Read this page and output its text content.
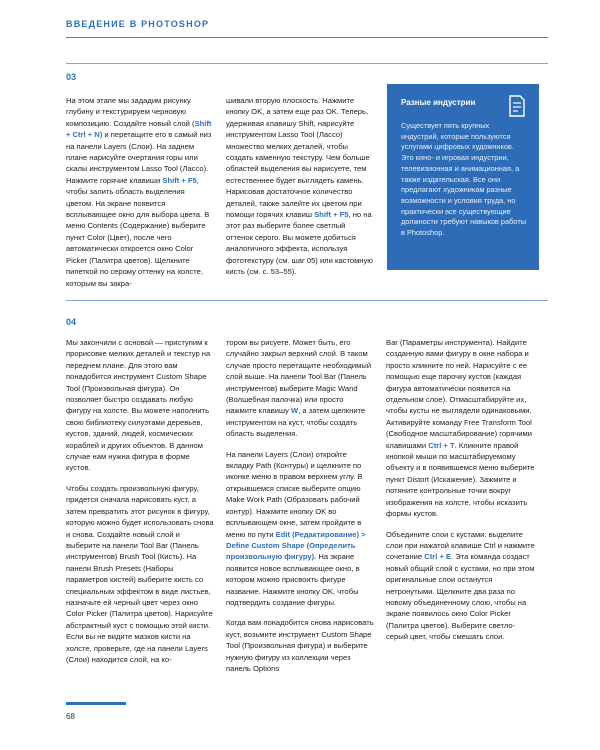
ВВЕДЕНИЕ В PHOTOSHOP
03

На этом этапе мы зададим рисунку глубину и текстурируем черновую композицию. Создайте новый слой (Shift + Ctrl + N) и перетащите его в самый низ на панели Layers (Слои). На заднем плане нарисуйте очертания горы или скалы инструментом Lasso Tool (Лассо). Нажмите горячие клавиши Shift + F5, чтобы залить область выделения цветом. На экране появится всплывающее окно для выбора цвета. В меню Contents (Содержание) выберите пункт Color (Цвет), после чего автоматически откроется окно Color Picker (Палитра цветов). Щелкните пипеткой по серому оттенку на холсте, которым вы закра-

шивали вторую плоскость. Нажмите кнопку OK, а затем еще раз OK. Теперь, удерживая клавишу Shift, нарисуйте инструментом Lasso Tool (Лассо) множество мелких деталей, чтобы создать каменную текстуру. Чем больше областей выделения вы нарисуете, тем естественнее будет выглядеть камень. Нарисовав достаточное количество деталей, также залейте их цветом при помощи горячих клавиш Shift + F5, но на этот раз выберите более светлый оттенок серого. Вы можете добиться аналогичного эффекта, используя фототекстуру (см. шаг 05) или кастомную кисть (см. с. 53–55).

Разные индустрии
Существует пять крупных индустрий, которые пользуются услугами цифровых художников. Это кино- и игровая индустрии, телевизионная и анимационная, а также издательская. Все они предлагают художникам разные возможности и условия труда, но практически все существующие должности требуют навыков работы в Photoshop.
04

Мы закончили с основой — приступим к прорисовке мелких деталей и текстур на переднем плане. Для этого вам понадобится инструмент Custom Shape Tool (Произвольная фигура). Он позволяет быстро создавать любую фигуру на холсте. Вы можете наполнить свою библиотеку силуэтами деревьев, кустов, зданий, людей, космических кораблей и других объектов. В данном случае нам нужна фигура в форме кустов.

Чтобы создать произвольную фигуру, придется сначала нарисовать куст, а затем превратить этот рисунок в фигуру, которую можно будет использовать снова и снова. Создайте новый слой и выберите на панели Tool Bar (Панель инструментов) Brush Tool (Кисть). На панели Brush Presets (Наборы параметров кистей) выберите кисть со специальным эффектом в виде листьев, назначьте ей черный цвет через окно Color Picker (Палитра цветов). Нарисуйте абстрактный куст с помощью этой кисти. Если вы не видите мазков кисти на холсте, проверьте, где на панели Layers (Слои) находится слой, на ко-

тором вы рисуете. Может быть, его случайно закрыл верхний слой. В таком случае просто перетащите необходимый слой выше. На панели Tool Bar (Панель инструментов) выберите Magic Wand (Волшебная палочка) или просто нажмите клавишу W, а затем щелкните инструментом на куст, чтобы создать область выделения.

На панели Layers (Слои) откройте вкладку Path (Контуры) и щелкните по иконке меню в правом верхнем углу. В открывшемся списке выберите опцию Make Work Path (Образовать рабочий контур). Нажмите кнопку OK во всплывающем окне, затем пройдите в меню по пути Edit (Редактирование) > Define Custom Shape (Определить произвольную фигуру). На экране появится новое всплывающее окно, в котором можно присвоить фигуре название. Нажмите кнопку OK, чтобы подтвердить создание фигуры.

Когда вам понадобится снова нарисовать куст, возьмите инструмент Custom Shape Tool (Произвольная фигура) и выберите нужную фигуру из коллекции через панель Options

Bar (Параметры инструмента). Найдите созданную вами фигуру в окне набора и просто кликните по ней. Нарисуйте с ее помощью еще парочку кустов (каждая фигура автоматически появится на отдельном слое). Отмасштабируйте их, чтобы кусты не выглядели одинаковыми. Активируйте команду Free Transform Tool (Свободное масштабирование) горячими клавишами Ctrl + T. Кликните правой кнопкой мыши по масштабируемому объекту и в появившемся меню выберите пункт Distort (Искажение). Зажмите и потяните контрольные точки вокруг изображения на холсте, чтобы исказить формы кустов.

Объедините слои с кустами: выделите слои при нажатой клавише Ctrl и нажмите сочетание Ctrl + E. Эта команда создаст новый общий слой с кустами, но при этом оригинальные слои останутся нетронутыми. Щелкните два раза по новому объединенному слою, чтобы на экране появилось окно Color Picker (Палитра цветов). Выберите светло-серый цвет, чтобы смешать слои.

68
